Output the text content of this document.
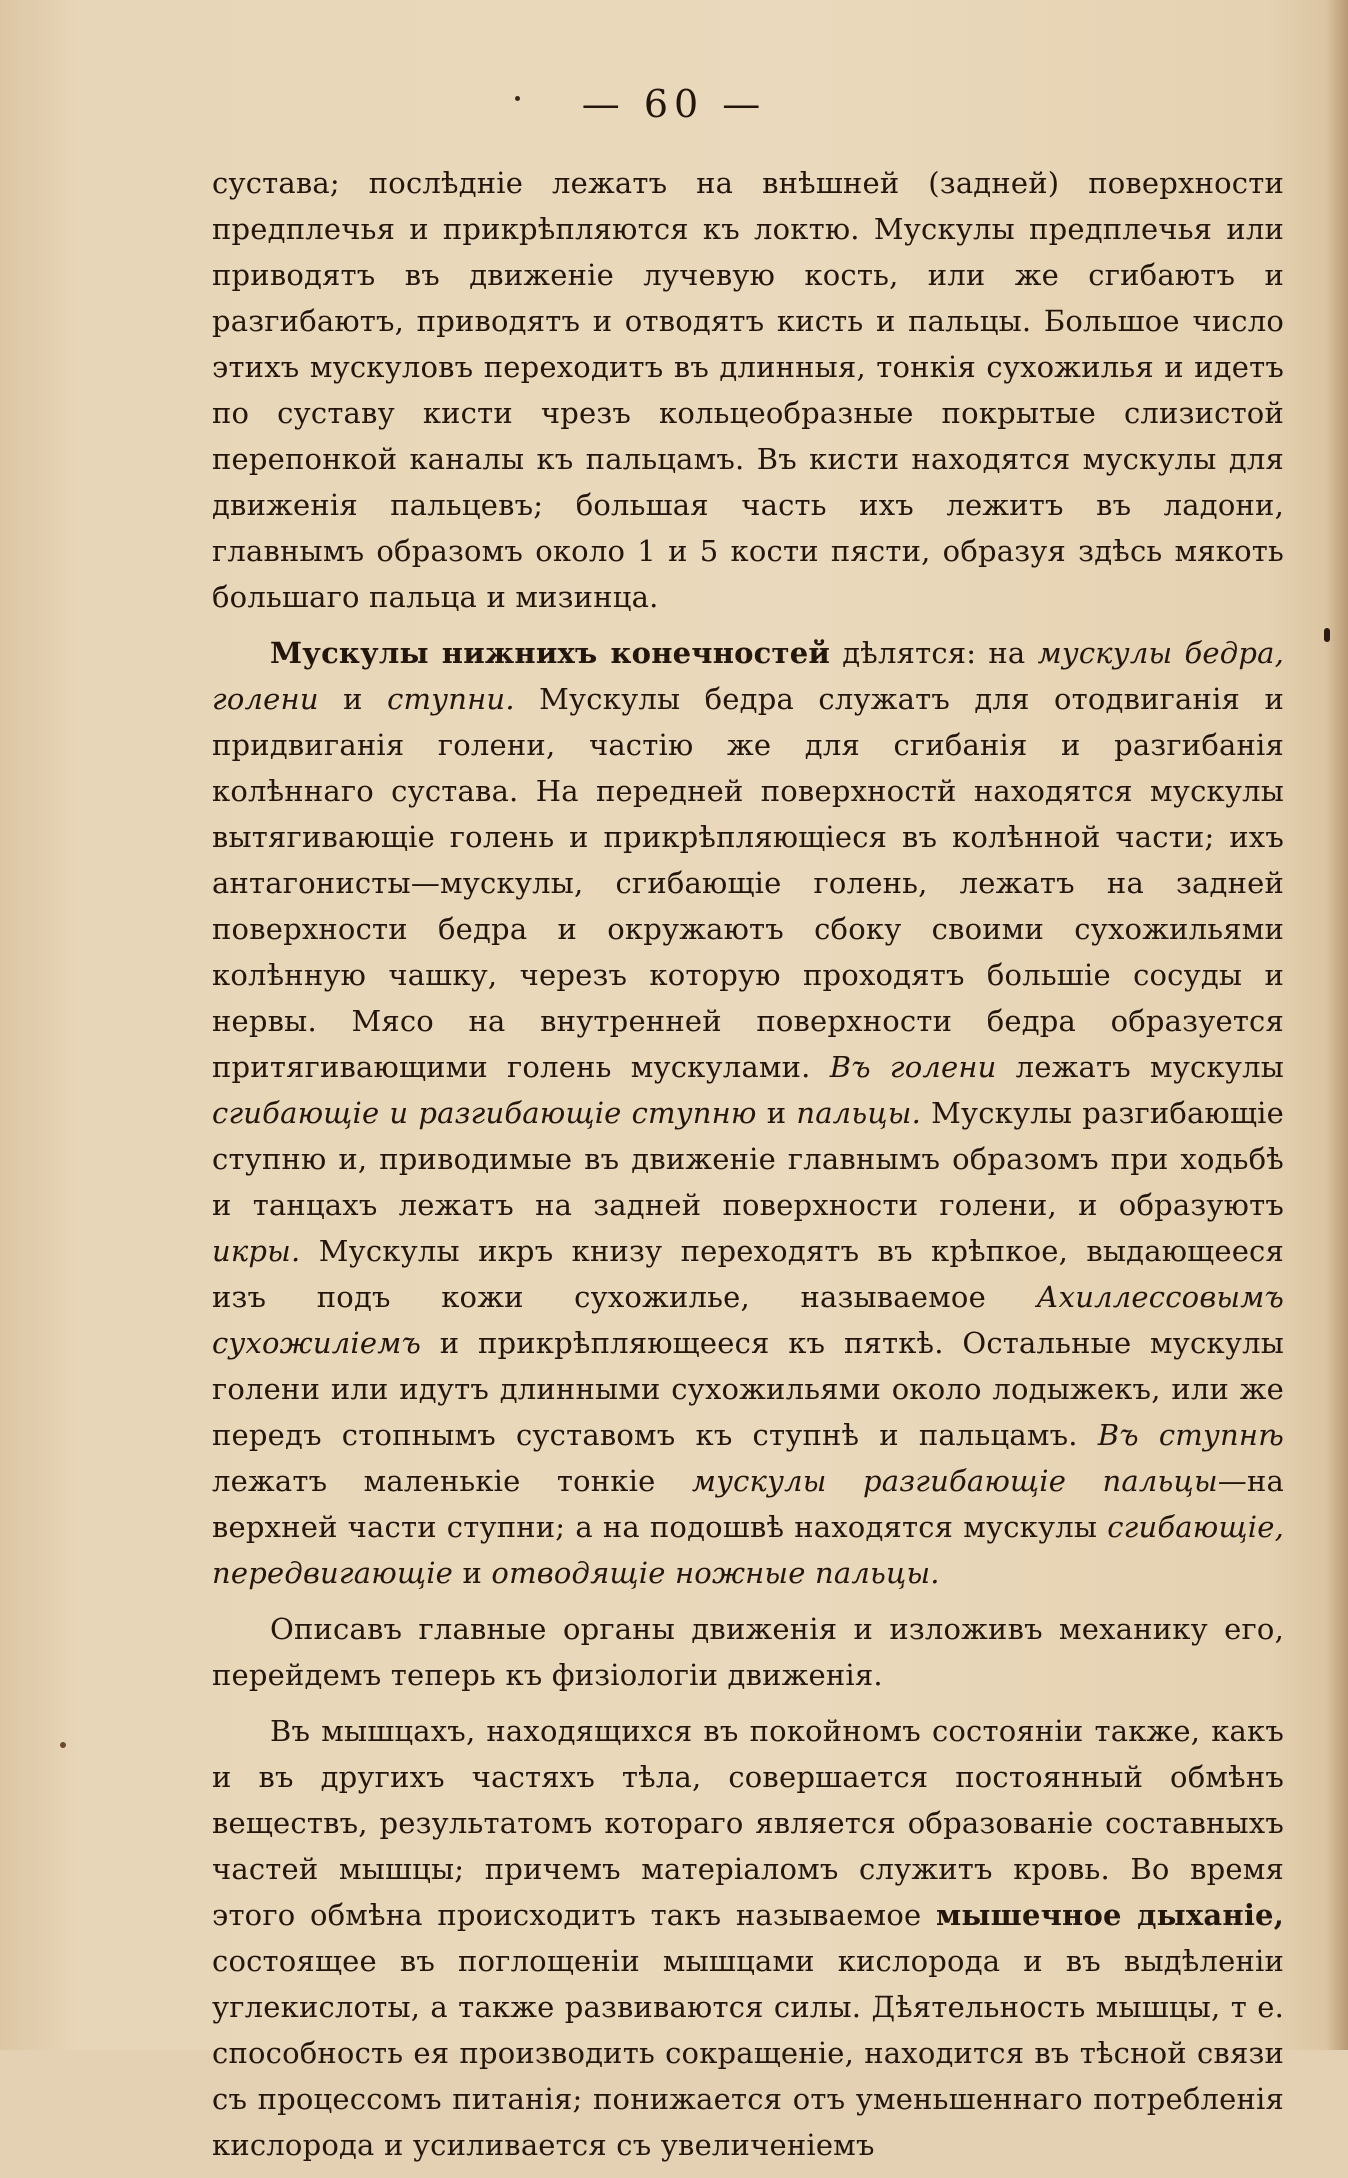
— 60 —

сустава; послѣдніе лежатъ на внѣшней (задней) поверхности предплечья и прикрѣпляются къ локтю. Мускулы предплечья или приводятъ въ движеніе лучевую кость, или же сгибаютъ и разгибаютъ, приводятъ и отводятъ кисть и пальцы. Большое число этихъ мускуловъ переходитъ въ длинныя, тонкія сухожилья и идетъ по суставу кисти чрезъ кольцеобразные покрытые слизистой перепонкой каналы къ пальцамъ. Въ кисти находятся мускулы для движенія пальцевъ; большая часть ихъ лежитъ въ ладони, главнымъ образомъ около 1 и 5 кости пясти, образуя здѣсь мякоть большаго пальца и мизинца.

Мускулы нижнихъ конечностей дѣлятся: на мускулы бедра, голени и ступни. Мускулы бедра служатъ для отодвиганія и придвиганія голени, частію же для сгибанія и разгибанія колѣннаго сустава. На передней поверхностй находятся мускулы вытягивающіе голень и прикрѣпляющіеся въ колѣнной части; ихъ антагонисты—мускулы, сгибающіе голень, лежатъ на задней поверхности бедра и окружаютъ сбоку своими сухожильями колѣнную чашку, черезъ которую проходятъ большіе сосуды и нервы. Мясо на внутренней поверхности бедра образуется притягивающими голень мускулами. Въ голени лежатъ мускулы сгибающіе и разгибающіе ступню и пальцы. Мускулы разгибающіе ступню и, приводимые въ движеніе главнымъ образомъ при ходьбѣ и танцахъ лежатъ на задней поверхности голени, и образуютъ икры. Мускулы икръ книзу переходятъ въ крѣпкое, выдающееся изъ подъ кожи сухожилье, называемое Ахиллессовымъ сухожиліемъ и прикрѣпляющееся къ пяткѣ. Остальные мускулы голени или идутъ длинными сухожильями около лодыжекъ, или же передъ стопнымъ суставомъ къ ступнѣ и пальцамъ. Въ ступнѣ лежатъ маленькіе тонкіе мускулы разгибающіе пальцы—на верхней части ступни; а на подошвѣ находятся мускулы сгибающіе, передвигающіе и отводящіе ножные пальцы.

Описавъ главные органы движенія и изложивъ механику его, перейдемъ теперь къ физіологіи движенія.

Въ мышцахъ, находящихся въ покойномъ состояніи также, какъ и въ другихъ частяхъ тѣла, совершается постоянный обмѣнъ веществъ, результатомъ котораго является образованіе составныхъ частей мышцы; причемъ матеріаломъ служитъ кровь. Во время этого обмѣна происходитъ такъ называемое мышечное дыханіе, состоящее въ поглощеніи мышцами кислорода и въ выдѣленіи углекислоты, а также развиваются силы. Дѣятельность мышцы, т е. способность ея производить сокращеніе, находится въ тѣсной связи съ процессомъ питанія; понижается отъ уменьшеннаго потребленія кислорода и усиливается съ увеличеніемъ
